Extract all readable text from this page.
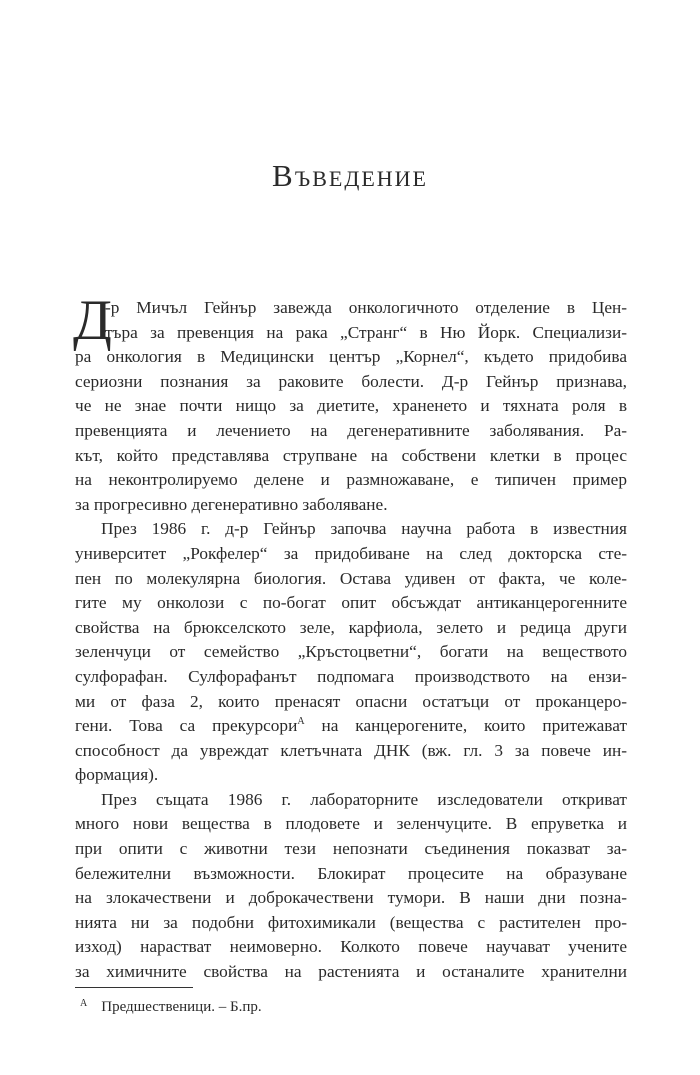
Въведение
Д
-р Мичъл Гейнър завежда онкологичното отделение в Цен-
търа за превенция на рака „Странг“ в Ню Йорк. Специализи-
ра онкология в Медицински център „Корнел“, където придобива
сериозни познания за раковите болести. Д-р Гейнър признава,
че не знае почти нищо за диетите, храненето и тяхната роля в
превенцията и лечението на дегенеративните заболявания. Ра-
кът, който представлява струпване на собствени клетки в процес
на неконтролируемо делене и размножаване, е типичен пример
за прогресивно дегенеративно заболяване.
През 1986 г. д-р Гейнър започва научна работа в известния
университет „Рокфелер“ за придобиване на след докторска сте-
пен по молекулярна биология. Остава удивен от факта, че коле-
гите му онколози с по-богат опит обсъждат антиканцерогенните
свойства на брюкселското зеле, карфиола, зелето и редица други
зеленчуци от семейство „Кръстоцветни“, богати на веществото
сулфорафан. Сулфорафанът подпомага производството на ензи-
ми от фаза 2, които пренасят опасни остатъци от проканцеро-
гени. Това са прекурсори$^А$ на канцерогените, които притежават
способност да увреждат клетъчната ДНК (вж. гл. 3 за повече ин-
формация).
През същата 1986 г. лабораторните изследователи откриват
много нови вещества в плодовете и зеленчуците. В епруветка и
при опити с животни тези непознати съединения показват за-
бележителни възможности. Блокират процесите на образуване
на злокачествени и доброкачествени тумори. В наши дни позна-
нията ни за подобни фитохимикали (вещества с растителен про-
изход) нарастват неимоверно. Колкото повече научават учените
за химичните свойства на растенията и останалите хранителни
$^А$ Предшественици. – Б.пр.
